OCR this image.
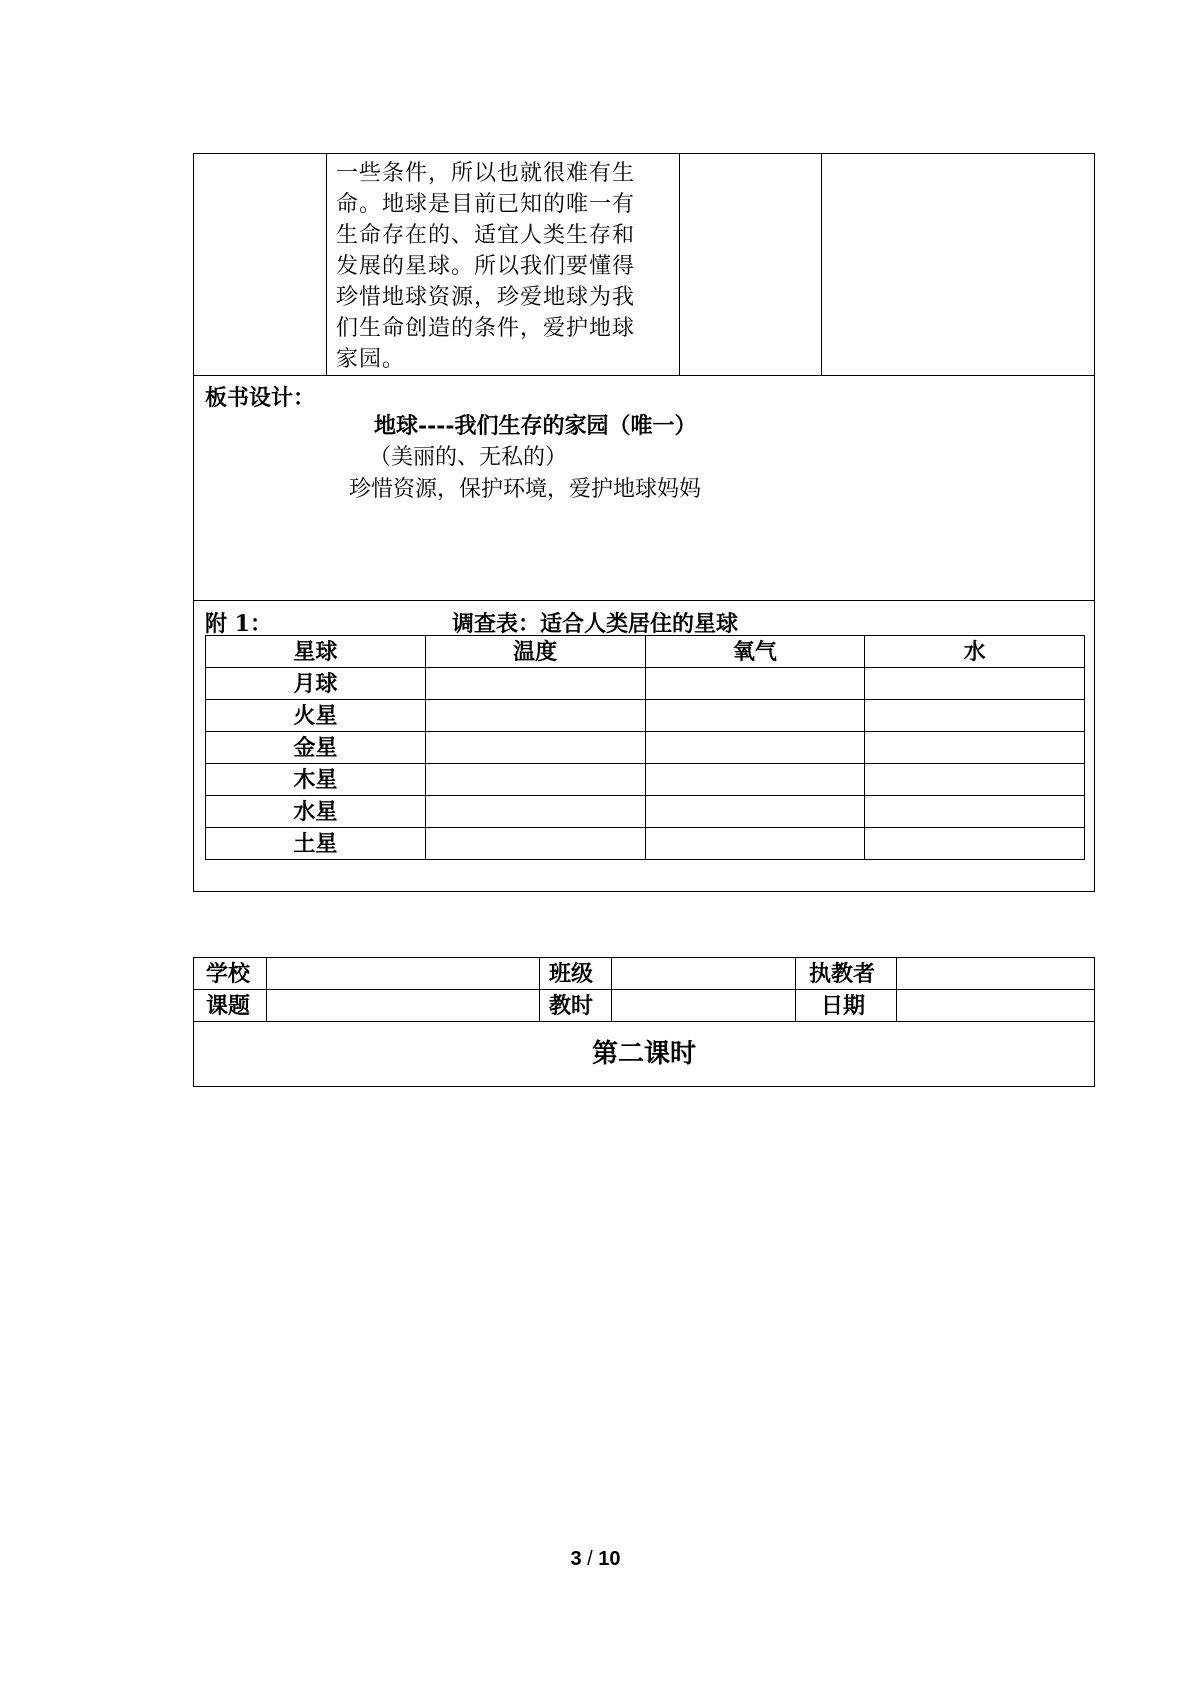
一些条件，所以也就很难有生
命。地球是目前已知的唯一有
生命存在的、适宜人类生存和
发展的星球。所以我们要懂得
珍惜地球资源，珍爱地球为我
们生命创造的条件，爱护地球
家园。
板书设计：
地球----我们生存的家园（唯一）
（美丽的、无私的）
珍惜资源，保护环境，爱护地球妈妈
附 1：	调查表：适合人类居住的星球
星球	温度	氧气	水
月球			
火星			
金星			
木星			
水星			
土星			
学校	班级	执教者
课题	教时	日期
第二课时
3 / 10
